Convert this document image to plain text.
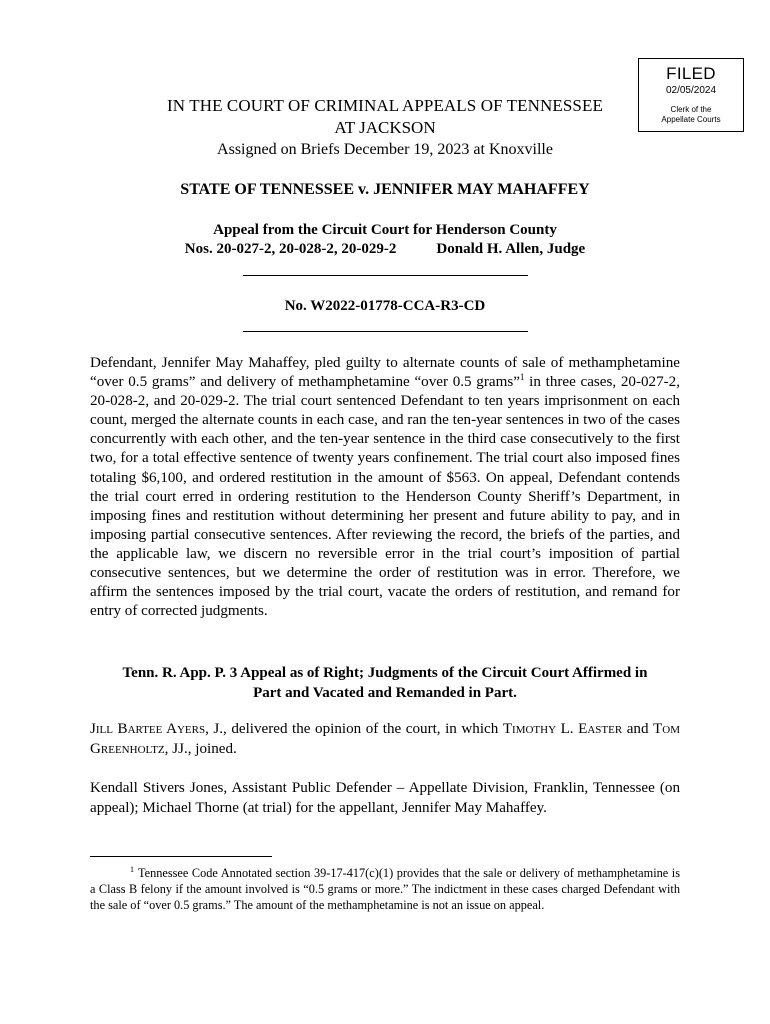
FILED
02/05/2024
Clerk of the
Appellate Courts
IN THE COURT OF CRIMINAL APPEALS OF TENNESSEE
AT JACKSON
Assigned on Briefs December 19, 2023 at Knoxville
STATE OF TENNESSEE v. JENNIFER MAY MAHAFFEY
Appeal from the Circuit Court for Henderson County
Nos. 20-027-2, 20-028-2, 20-029-2	Donald H. Allen, Judge
No. W2022-01778-CCA-R3-CD
Defendant, Jennifer May Mahaffey, pled guilty to alternate counts of sale of methamphetamine “over 0.5 grams” and delivery of methamphetamine “over 0.5 grams”$^1$ in three cases, 20-027-2, 20-028-2, and 20-029-2. The trial court sentenced Defendant to ten years imprisonment on each count, merged the alternate counts in each case, and ran the ten-year sentences in two of the cases concurrently with each other, and the ten-year sentence in the third case consecutively to the first two, for a total effective sentence of twenty years confinement. The trial court also imposed fines totaling $6,100, and ordered restitution in the amount of $563. On appeal, Defendant contends the trial court erred in ordering restitution to the Henderson County Sheriff’s Department, in imposing fines and restitution without determining her present and future ability to pay, and in imposing partial consecutive sentences. After reviewing the record, the briefs of the parties, and the applicable law, we discern no reversible error in the trial court’s imposition of partial consecutive sentences, but we determine the order of restitution was in error. Therefore, we affirm the sentences imposed by the trial court, vacate the orders of restitution, and remand for entry of corrected judgments.
Tenn. R. App. P. 3 Appeal as of Right; Judgments of the Circuit Court Affirmed in
Part and Vacated and Remanded in Part.
Jill Bartee Ayers, J., delivered the opinion of the court, in which Timothy L. Easter and Tom Greenholtz, JJ., joined.
Kendall Stivers Jones, Assistant Public Defender – Appellate Division, Franklin, Tennessee (on appeal); Michael Thorne (at trial) for the appellant, Jennifer May Mahaffey.
$^1$ Tennessee Code Annotated section 39-17-417(c)(1) provides that the sale or delivery of methamphetamine is a Class B felony if the amount involved is “0.5 grams or more.” The indictment in these cases charged Defendant with the sale of “over 0.5 grams.” The amount of the methamphetamine is not an issue on appeal.
